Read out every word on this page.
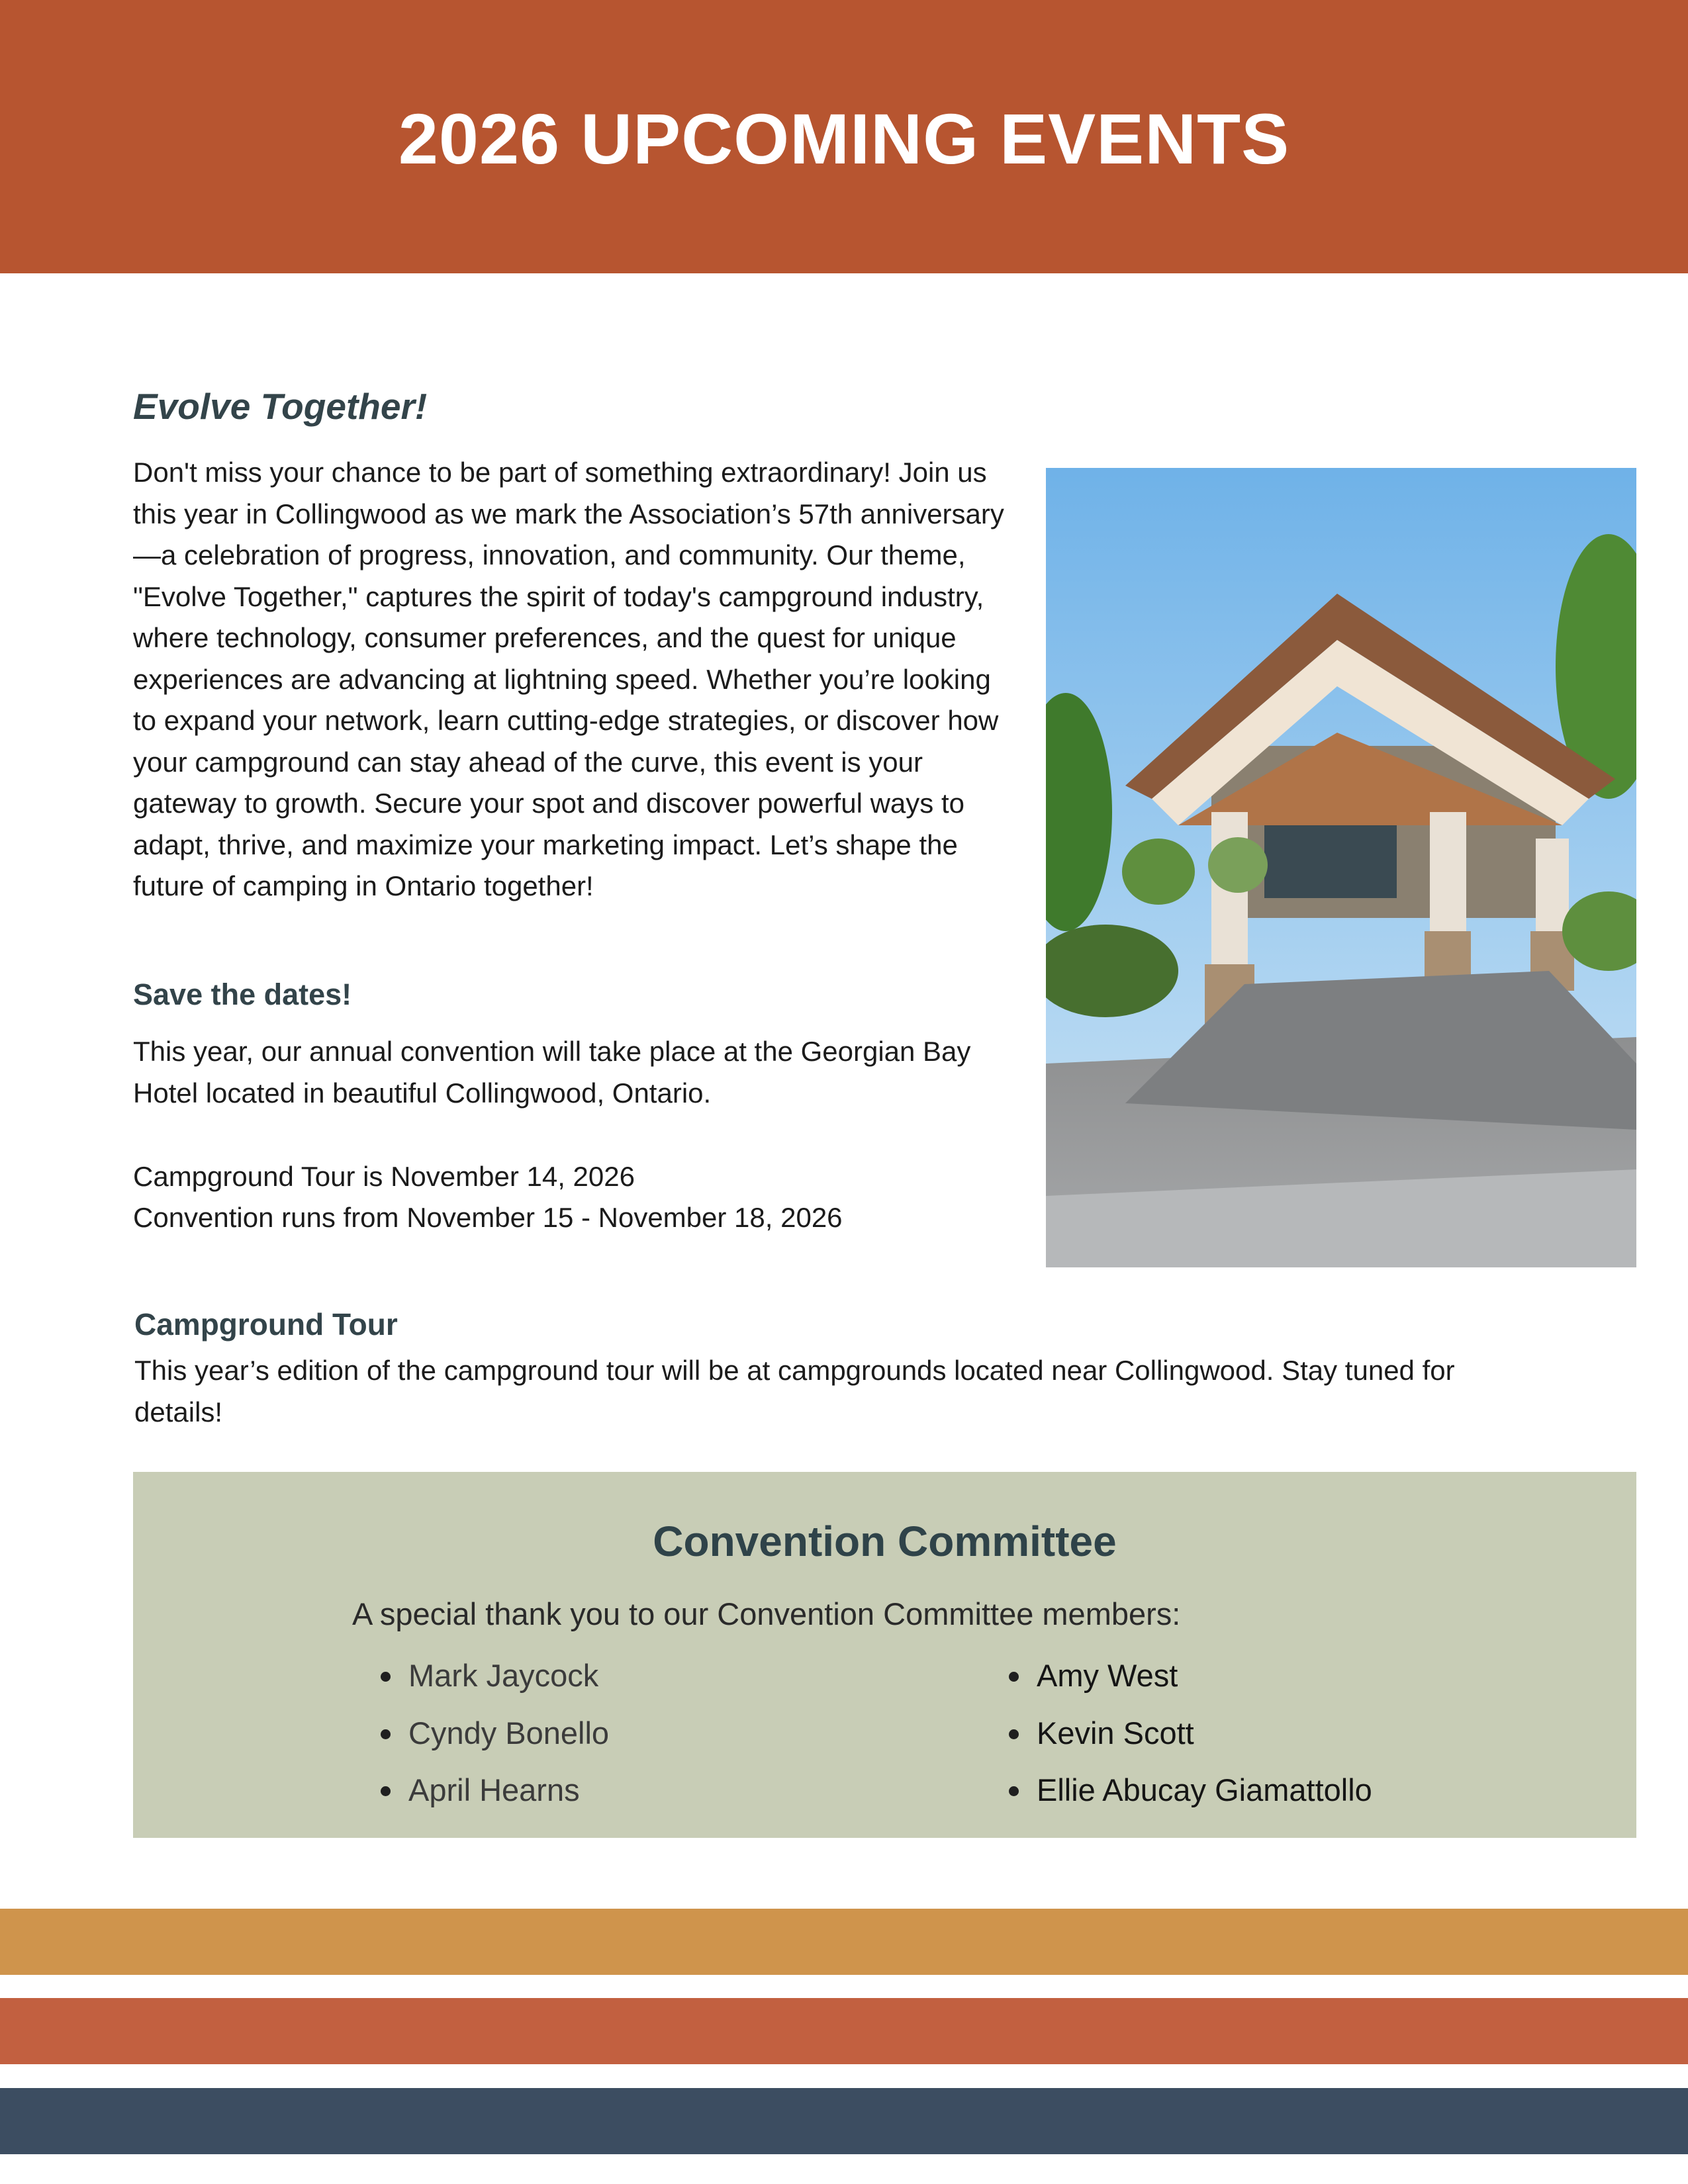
2026 UPCOMING EVENTS
Evolve Together!

Don't miss your chance to be part of something extraordinary! Join us this year in Collingwood as we mark the Association’s 57th anniversary—a celebration of progress, innovation, and community. Our theme, "Evolve Together," captures the spirit of today's campground industry, where technology, consumer preferences, and the quest for unique experiences are advancing at lightning speed. Whether you’re looking to expand your network, learn cutting-edge strategies, or discover how your campground can stay ahead of the curve, this event is your gateway to growth. Secure your spot and discover powerful ways to adapt, thrive, and maximize your marketing impact. Let’s shape the future of camping in Ontario together!

Save the dates!

This year, our annual convention will take place at the Georgian Bay Hotel located in beautiful Collingwood, Ontario.

Campground Tour is November 14, 2026

Convention runs from November 15 - November 18, 2026

Campground Tour

This year’s edition of the campground tour will be at campgrounds located near Collingwood. Stay tuned for details!

Convention Committee

A special thank you to our Convention Committee members:

Mark Jaycock
Cyndy Bonello
April Hearns
Amy West
Kevin Scott
Ellie Abucay Giamattollo
